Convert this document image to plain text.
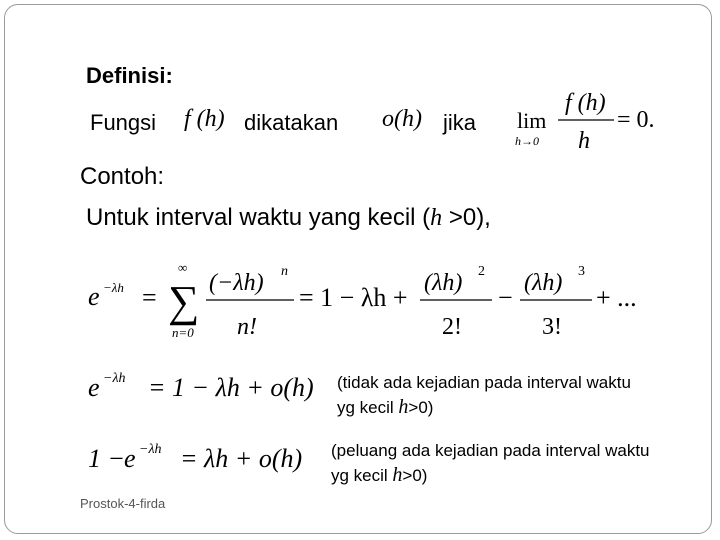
Definisi:
Fungsi f (h) dikatakan o(h) jika lim
h→0
f (h)
h
= 0.
e −λh =
∞
∑
n=0
(−λh) n
n!
= 1 − λh + (λh) 2
2!
− (λh) 3
3!
+ ...
e −λh = 1 − λh + o(h)
1 −
e −λh = λh + o(h)
Contoh:
Untuk interval waktu yang kecil (h >0),
(tidak ada kejadian pada interval waktu
yg kecil h>0)
(peluang ada kejadian pada interval waktu
yg kecil h>0)
Prostok-4-firda
